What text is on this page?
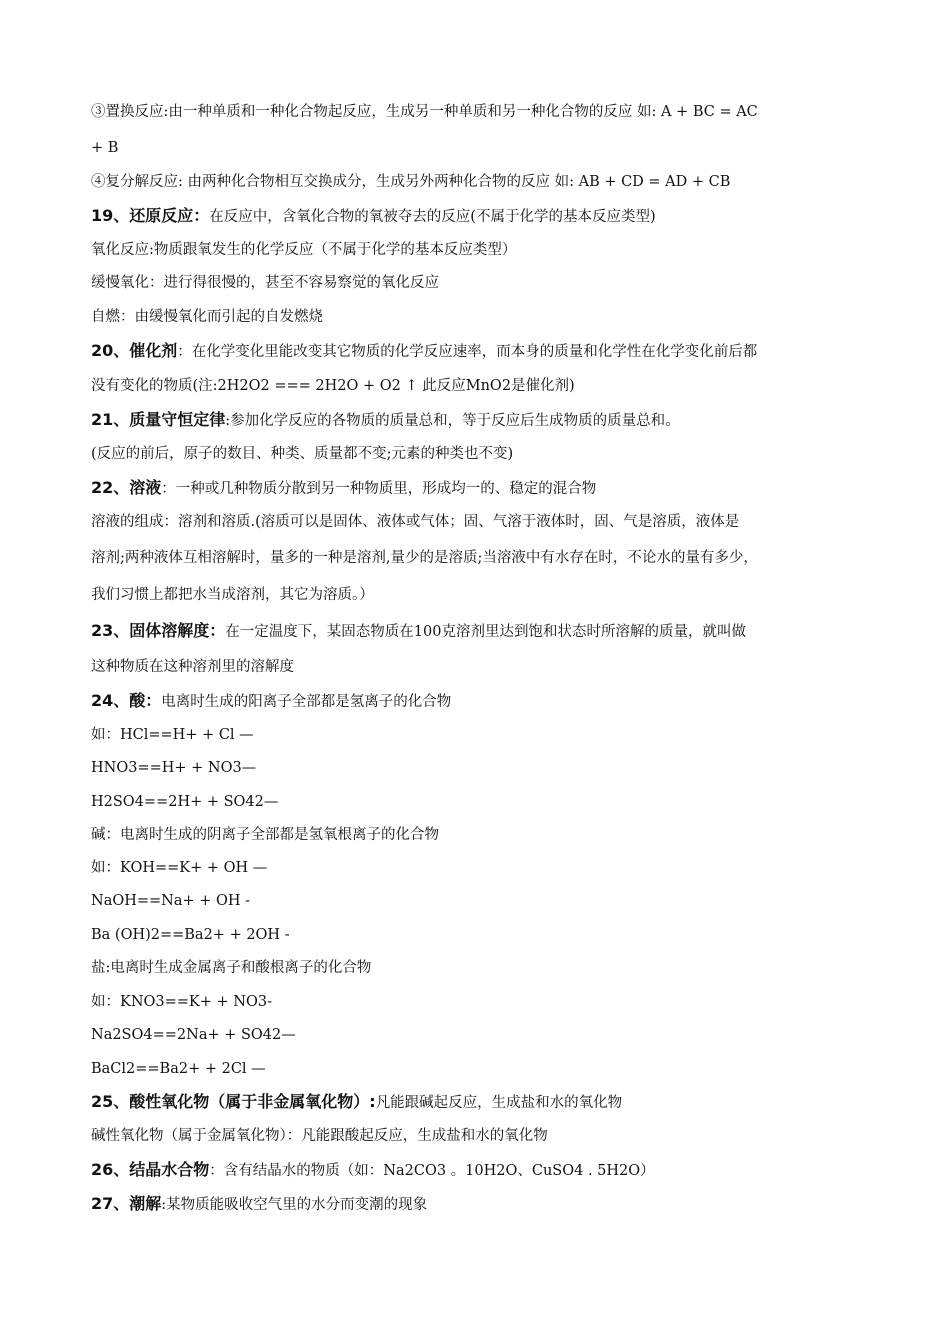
③置换反应:由一种单质和一种化合物起反应，生成另一种单质和另一种化合物的反应 如: A + BC = AC
+ B
④复分解反应: 由两种化合物相互交换成分，生成另外两种化合物的反应 如: AB + CD = AD + CB
19、还原反应：在反应中，含氧化合物的氧被夺去的反应(不属于化学的基本反应类型)
氧化反应:物质跟氧发生的化学反应（不属于化学的基本反应类型）
缓慢氧化：进行得很慢的，甚至不容易察觉的氧化反应
自燃：由缓慢氧化而引起的自发燃烧
20、催化剂：在化学变化里能改变其它物质的化学反应速率，而本身的质量和化学性在化学变化前后都
没有变化的物质(注:2H2O2 === 2H2O + O2 ↑ 此反应MnO2是催化剂)
21、质量守恒定律:参加化学反应的各物质的质量总和，等于反应后生成物质的质量总和。
(反应的前后，原子的数目、种类、质量都不变;元素的种类也不变)
22、溶液：一种或几种物质分散到另一种物质里，形成均一的、稳定的混合物
溶液的组成：溶剂和溶质.(溶质可以是固体、液体或气体；固、气溶于液体时，固、气是溶质，液体是
溶剂;两种液体互相溶解时，量多的一种是溶剂,量少的是溶质;当溶液中有水存在时，不论水的量有多少，
我们习惯上都把水当成溶剂，其它为溶质。）
23、固体溶解度：在一定温度下，某固态物质在100克溶剂里达到饱和状态时所溶解的质量，就叫做
这种物质在这种溶剂里的溶解度
24、酸：电离时生成的阳离子全部都是氢离子的化合物
如：HCl==H+ + Cl —
HNO3==H+ + NO3—
H2SO4==2H+ + SO42—
碱：电离时生成的阴离子全部都是氢氧根离子的化合物
如：KOH==K+ + OH —
NaOH==Na+ + OH -
Ba (OH)2==Ba2+ + 2OH -
盐:电离时生成金属离子和酸根离子的化合物
如：KNO3==K+ + NO3-
Na2SO4==2Na+ + SO42—
BaCl2==Ba2+ + 2Cl —
25、酸性氧化物（属于非金属氧化物）:凡能跟碱起反应，生成盐和水的氧化物
碱性氧化物（属于金属氧化物）：凡能跟酸起反应，生成盐和水的氧化物
26、结晶水合物：含有结晶水的物质（如：Na2CO3 。10H2O、CuSO4 . 5H2O）
27、潮解:某物质能吸收空气里的水分而变潮的现象
